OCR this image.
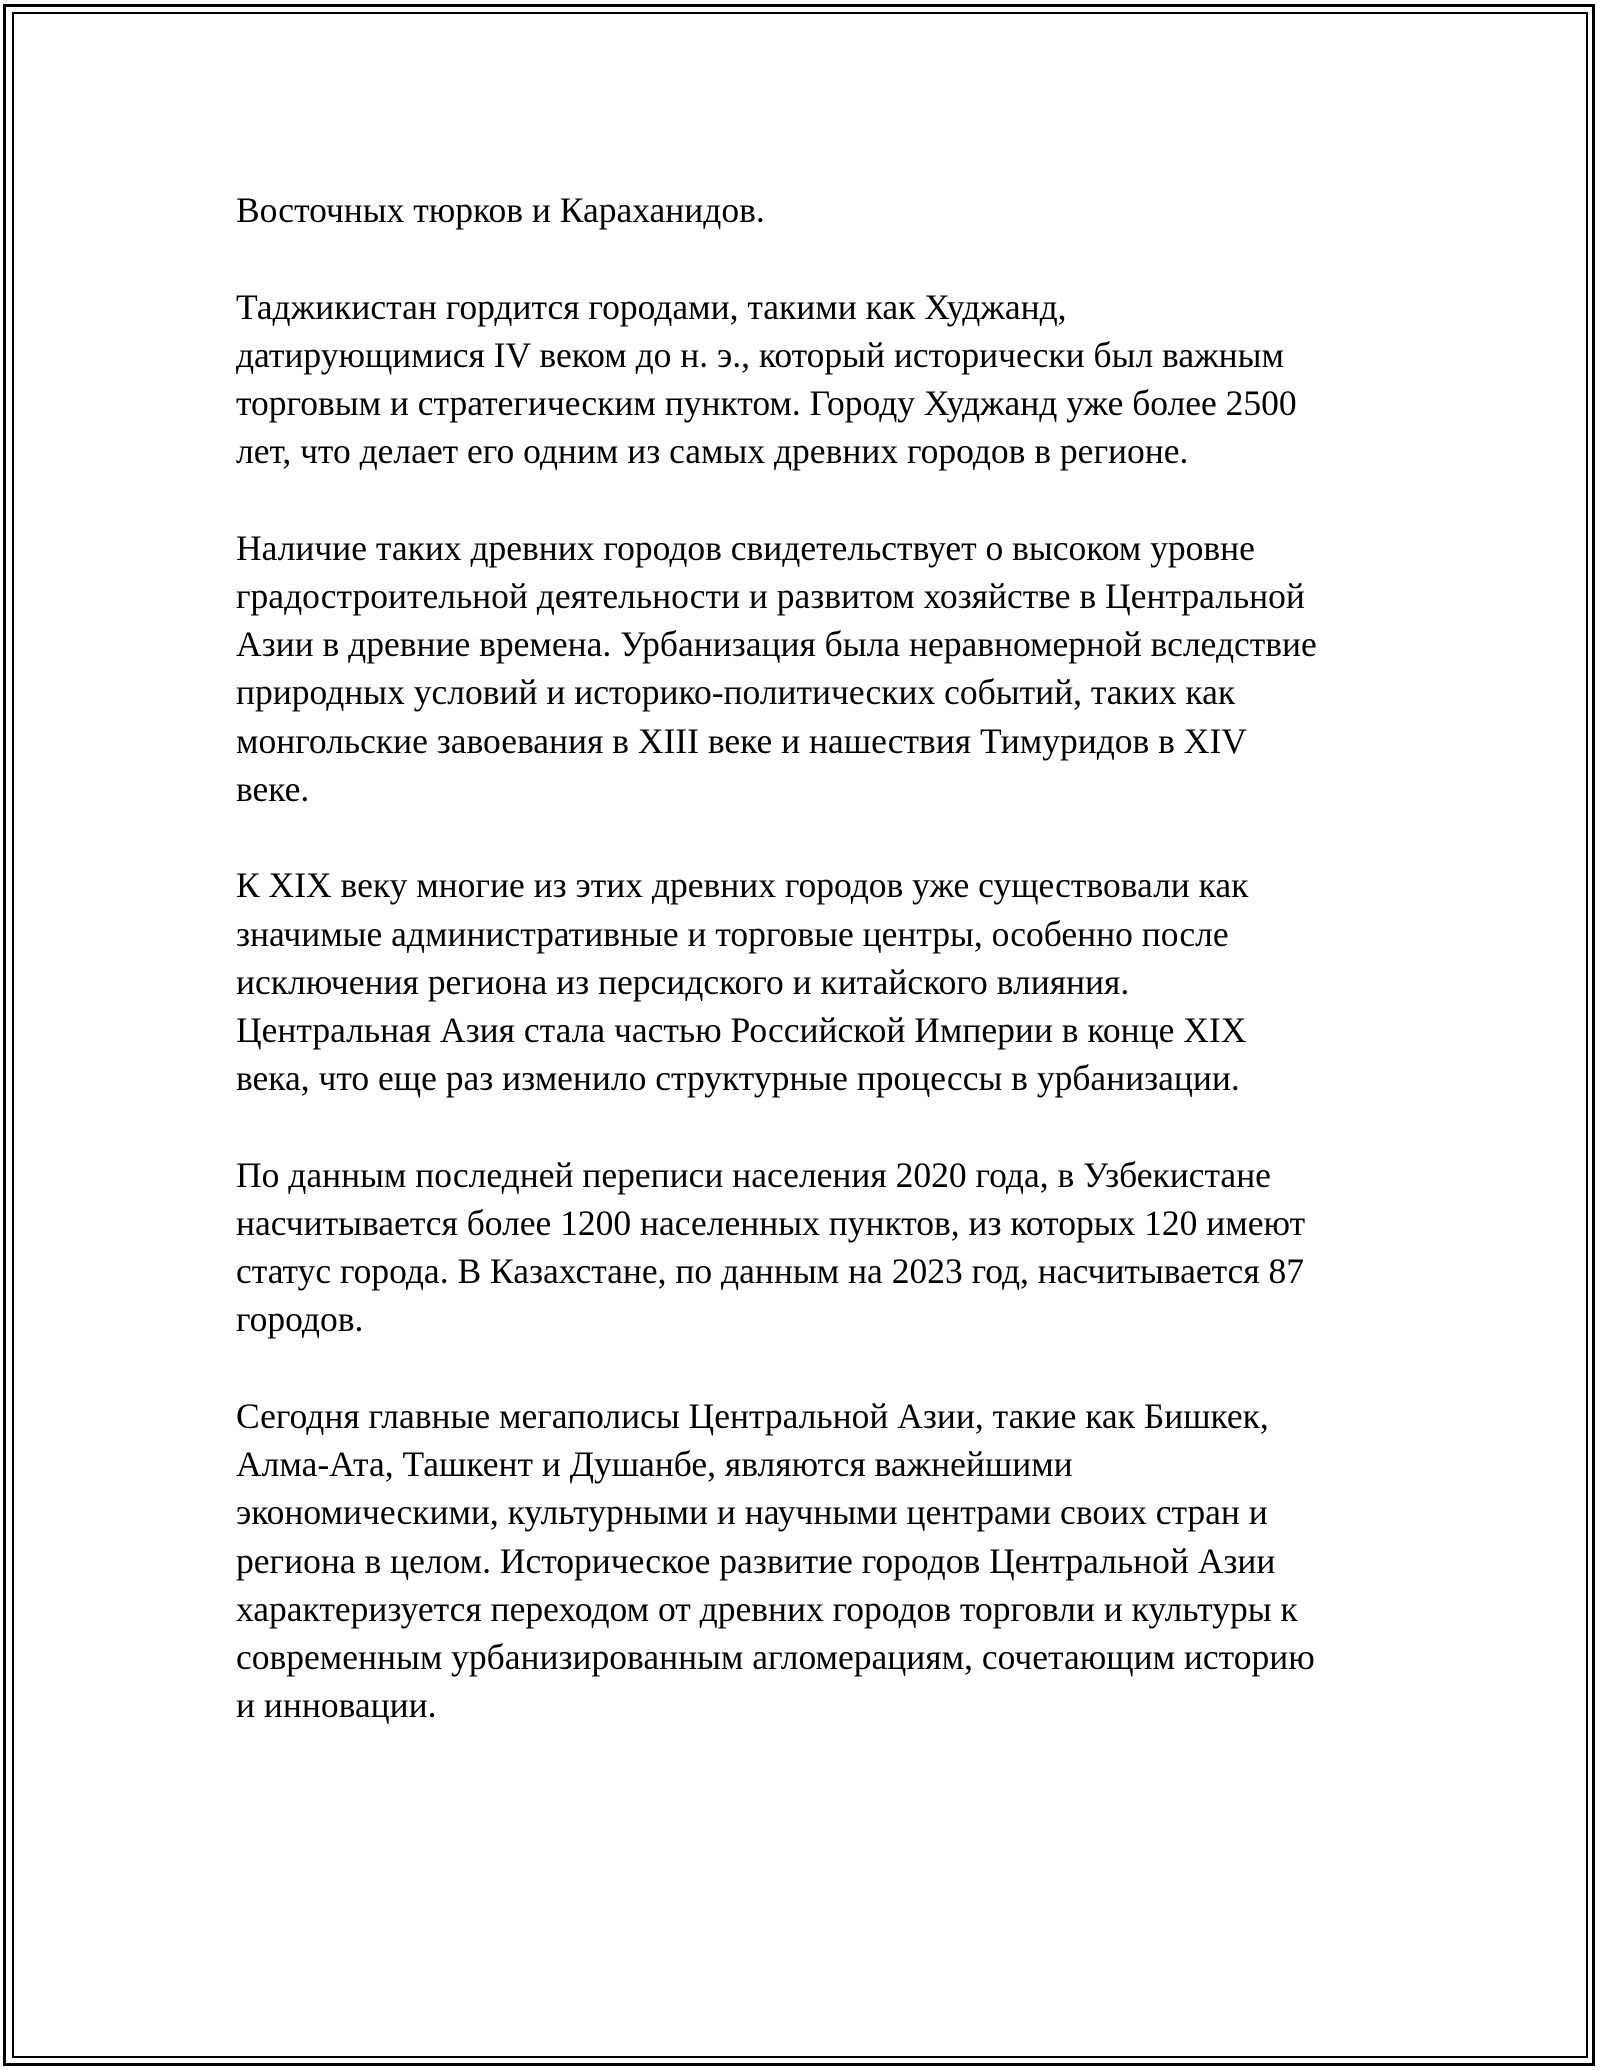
Восточных тюрков и Караханидов.

Таджикистан гордится городами, такими как Худжанд,
датирующимися IV веком до н. э., который исторически был важным
торговым и стратегическим пунктом. Городу Худжанд уже более 2500
лет, что делает его одним из самых древних городов в регионе.

Наличие таких древних городов свидетельствует о высоком уровне
градостроительной деятельности и развитом хозяйстве в Центральной
Азии в древние времена. Урбанизация была неравномерной вследствие
природных условий и историко-политических событий, таких как
монгольские завоевания в XIII веке и нашествия Тимуридов в XIV
веке.

К XIX веку многие из этих древних городов уже существовали как
значимые административные и торговые центры, особенно после
исключения региона из персидского и китайского влияния.
Центральная Азия стала частью Российской Империи в конце XIX
века, что еще раз изменило структурные процессы в урбанизации.

По данным последней переписи населения 2020 года, в Узбекистане
насчитывается более 1200 населенных пунктов, из которых 120 имеют
статус города. В Казахстане, по данным на 2023 год, насчитывается 87
городов.

Сегодня главные мегаполисы Центральной Азии, такие как Бишкек,
Алма-Ата, Ташкент и Душанбе, являются важнейшими
экономическими, культурными и научными центрами своих стран и
региона в целом. Историческое развитие городов Центральной Азии
характеризуется переходом от древних городов торговли и культуры к
современным урбанизированным агломерациям, сочетающим историю
и инновации.
